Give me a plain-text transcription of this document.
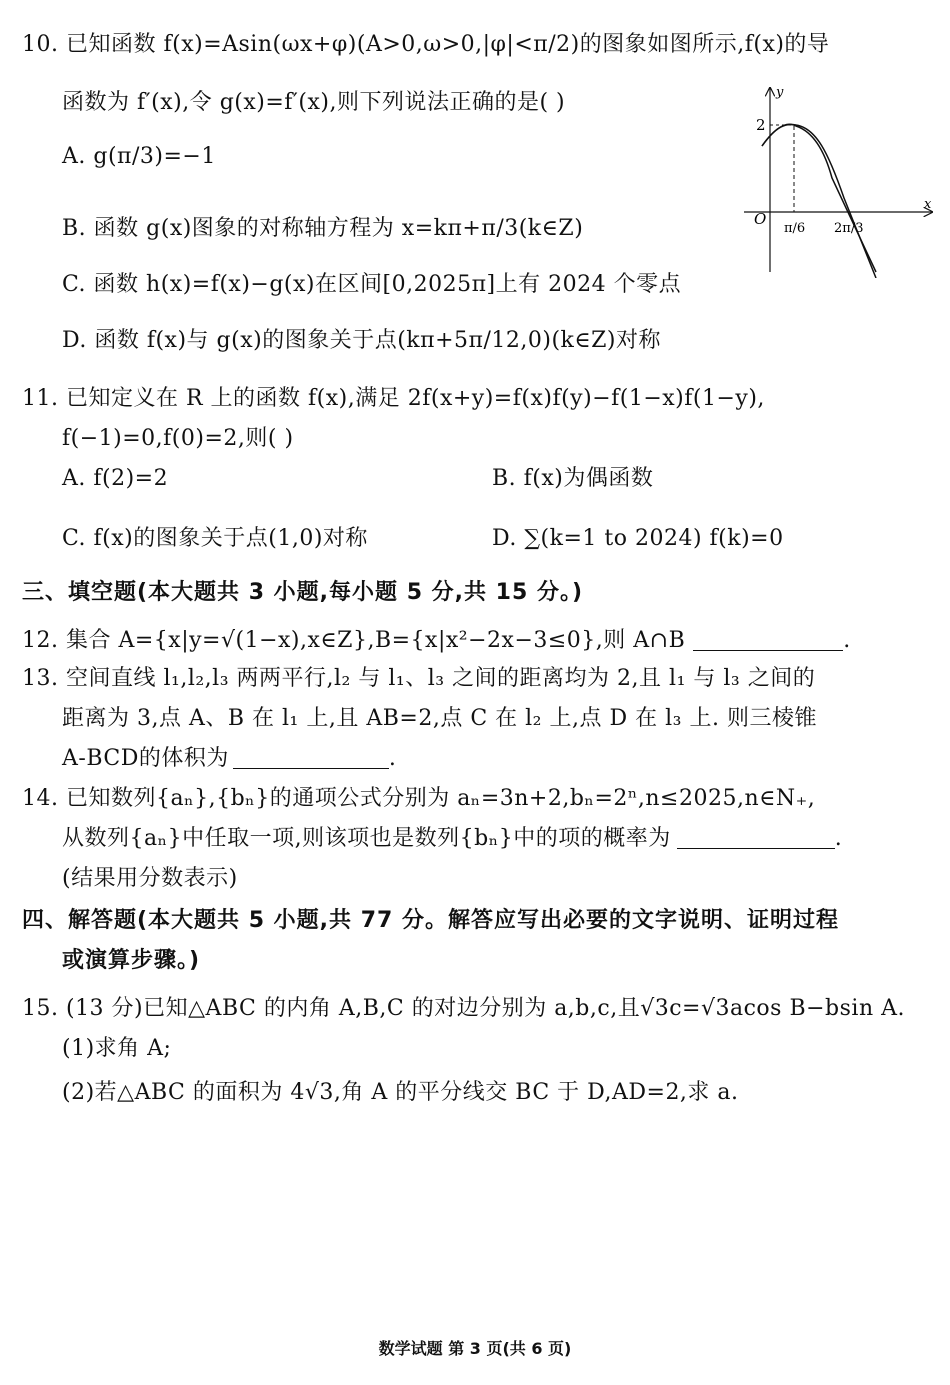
10. 已知函数 f(x)=Asin(ωx+φ)(A>0,ω>0,|φ|<π/2)的图象如图所示,f(x)的导
函数为 f′(x),令 g(x)=f′(x),则下列说法正确的是( )
A. g(π/3)=−1
B. 函数 g(x)图象的对称轴方程为 x=kπ+π/3(k∈Z)
C. 函数 h(x)=f(x)−g(x)在区间[0,2025π]上有 2024 个零点
D. 函数 f(x)与 g(x)的图象关于点(kπ+5π/12,0)(k∈Z)对称
y
x
O
2
π/6 2π/3
11. 已知定义在 R 上的函数 f(x),满足 2f(x+y)=f(x)f(y)−f(1−x)f(1−y),
f(−1)=0,f(0)=2,则( )
A. f(2)=2	B. f(x)为偶函数
C. f(x)的图象关于点(1,0)对称	D. ∑(k=1 to 2024) f(k)=0
三、填空题(本大题共 3 小题,每小题 5 分,共 15 分。)
12. 集合 A={x|y=√(1−x),x∈Z},B={x|x²−2x−3≤0},则 A∩B	.
13. 空间直线 l₁,l₂,l₃ 两两平行,l₂ 与 l₁、l₃ 之间的距离均为 2,且 l₁ 与 l₃ 之间的
距离为 3,点 A、B 在 l₁ 上,且 AB=2,点 C 在 l₂ 上,点 D 在 l₃ 上. 则三棱锥
A-BCD的体积为	.
14. 已知数列{aₙ},{bₙ}的通项公式分别为 aₙ=3n+2,bₙ=2ⁿ,n≤2025,n∈N₊,
从数列{aₙ}中任取一项,则该项也是数列{bₙ}中的项的概率为	.
(结果用分数表示)
四、解答题(本大题共 5 小题,共 77 分。解答应写出必要的文字说明、证明过程
或演算步骤。)
15. (13 分)已知△ABC 的内角 A,B,C 的对边分别为 a,b,c,且√3c=√3acos B−bsin A.
(1)求角 A;
(2)若△ABC 的面积为 4√3,角 A 的平分线交 BC 于 D,AD=2,求 a.
数学试题 第 3 页(共 6 页)
